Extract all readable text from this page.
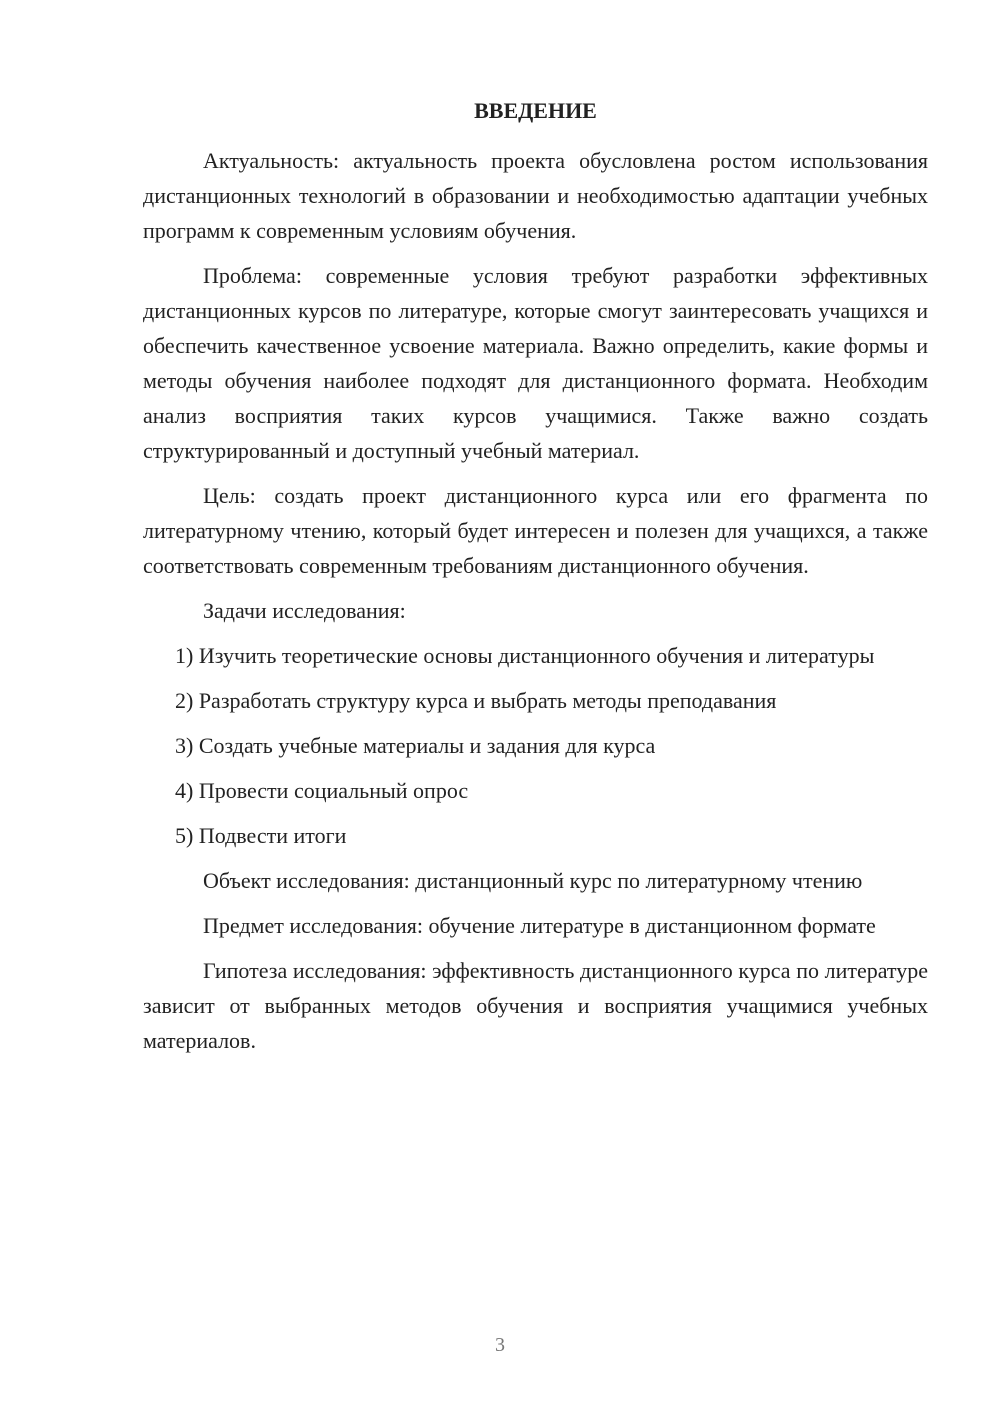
ВВЕДЕНИЕ

Актуальность: актуальность проекта обусловлена ростом использования дистанционных технологий в образовании и необходимостью адаптации учебных программ к современным условиям обучения.

Проблема: современные условия требуют разработки эффективных дистанционных курсов по литературе, которые смогут заинтересовать учащихся и обеспечить качественное усвоение материала. Важно определить, какие формы и методы обучения наиболее подходят для дистанционного формата. Необходим анализ восприятия таких курсов учащимися. Также важно создать структурированный и доступный учебный материал.

Цель: создать проект дистанционного курса или его фрагмента по литературному чтению, который будет интересен и полезен для учащихся, а также соответствовать современным требованиям дистанционного обучения.

Задачи исследования:

1) Изучить теоретические основы дистанционного обучения и литературы

2) Разработать структуру курса и выбрать методы преподавания

3) Создать учебные материалы и задания для курса

4) Провести социальный опрос

5) Подвести итоги

Объект исследования: дистанционный курс по литературному чтению

Предмет исследования: обучение литературе в дистанционном формате

Гипотеза исследования: эффективность дистанционного курса по литературе зависит от выбранных методов обучения и восприятия учащимися учебных материалов.

3
